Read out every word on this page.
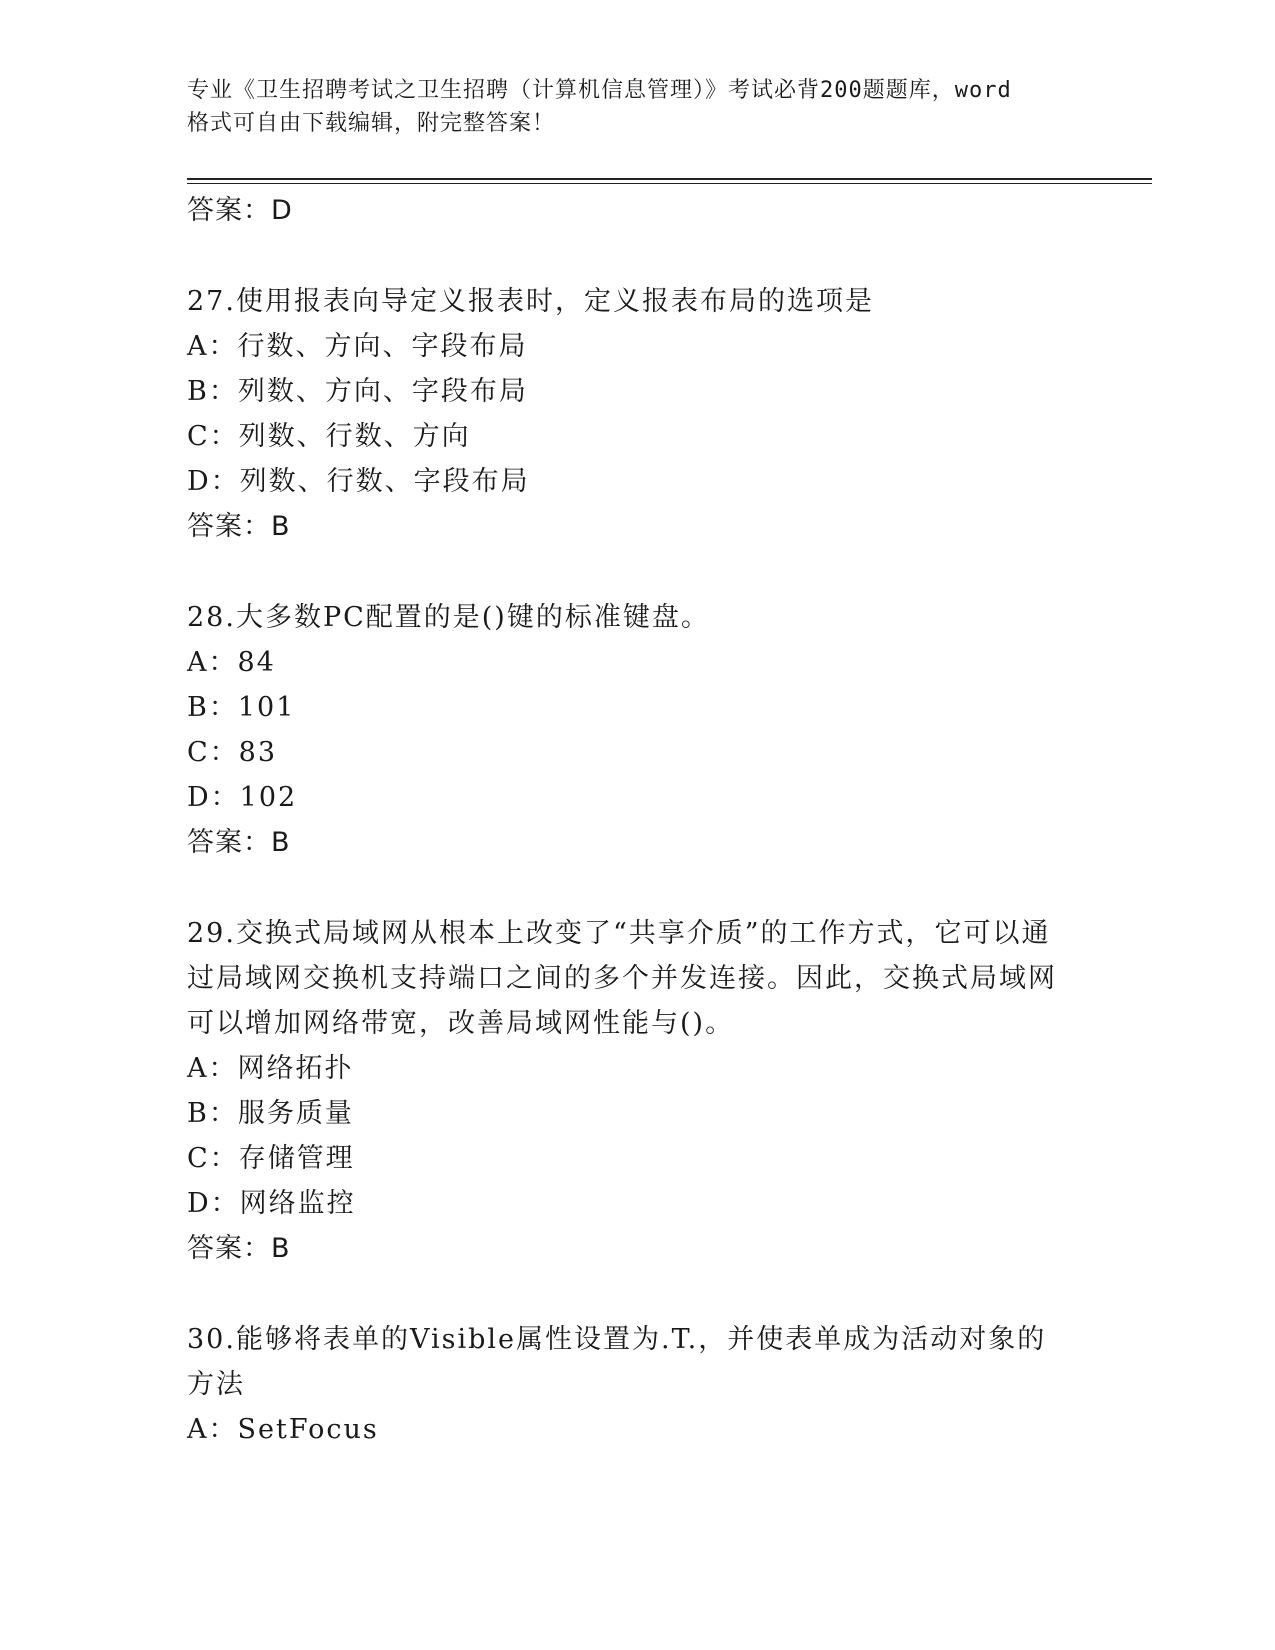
专业《卫生招聘考试之卫生招聘（计算机信息管理）》考试必背200题题库，word
格式可自由下载编辑，附完整答案！
答案：D
27.使用报表向导定义报表时，定义报表布局的选项是
A：行数、方向、字段布局
B：列数、方向、字段布局
C：列数、行数、方向
D：列数、行数、字段布局
答案：B
28.大多数PC配置的是()键的标准键盘。
A：84
B：101
C：83
D：102
答案：B
29.交换式局域网从根本上改变了“共享介质”的工作方式，它可以通过局域网交换机支持端口之间的多个并发连接。因此，交换式局域网可以增加网络带宽，改善局域网性能与()。
A：网络拓扑
B：服务质量
C：存储管理
D：网络监控
答案：B
30.能够将表单的Visible属性设置为.T.，并使表单成为活动对象的方法
A：SetFocus
